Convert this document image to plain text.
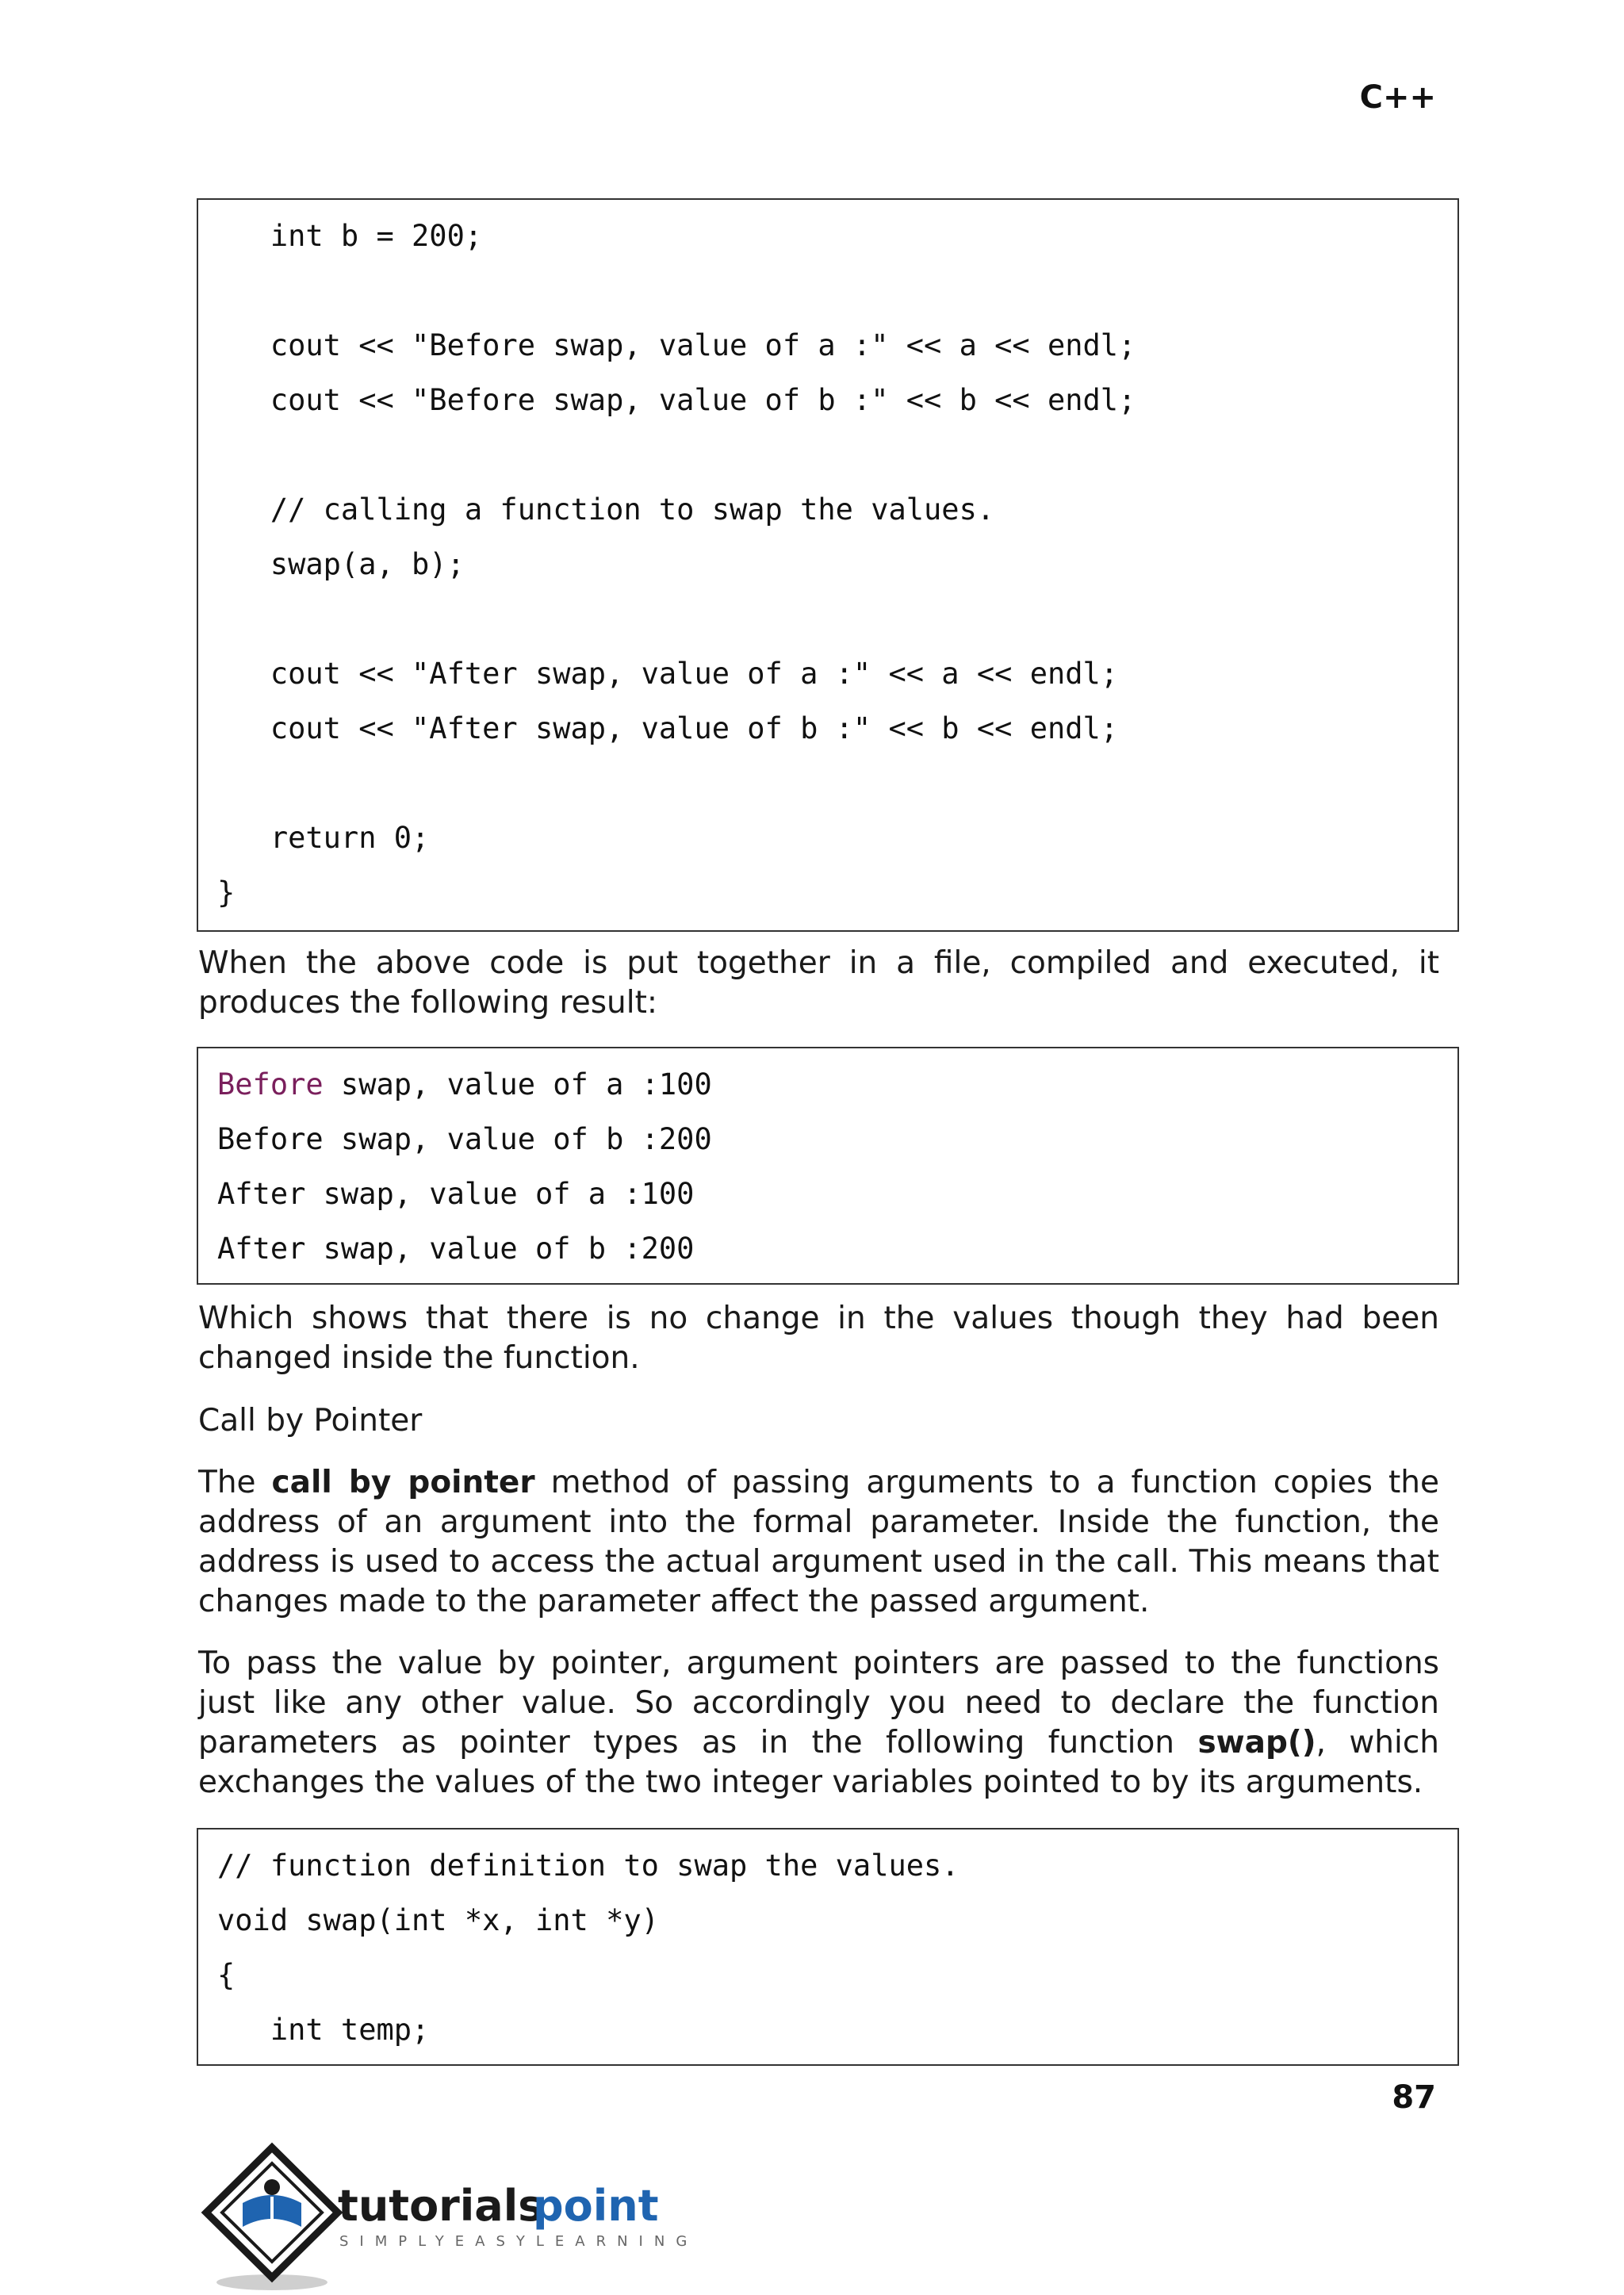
C++
int b = 200;
cout << "Before swap, value of a :" << a << endl;
cout << "Before swap, value of b :" << b << endl;
// calling a function to swap the values.
swap(a, b);
cout << "After swap, value of a :" << a << endl;
cout << "After swap, value of b :" << b << endl;
return 0;
}
When the above code is put together in a file, compiled and executed, it produces the following result:
Before swap, value of a :100
Before swap, value of b :200
After swap, value of a :100
After swap, value of b :200
Which shows that there is no change in the values though they had been changed inside the function.
Call by Pointer
The call by pointer method of passing arguments to a function copies the address of an argument into the formal parameter. Inside the function, the address is used to access the actual argument used in the call. This means that changes made to the parameter affect the passed argument.
To pass the value by pointer, argument pointers are passed to the functions just like any other value. So accordingly you need to declare the function parameters as pointer types as in the following function swap(), which exchanges the values of the two integer variables pointed to by its arguments.
// function definition to swap the values.
void swap(int *x, int *y)
{
int temp;
87
tutorials
point
SIMPLYEASYLEARNING
